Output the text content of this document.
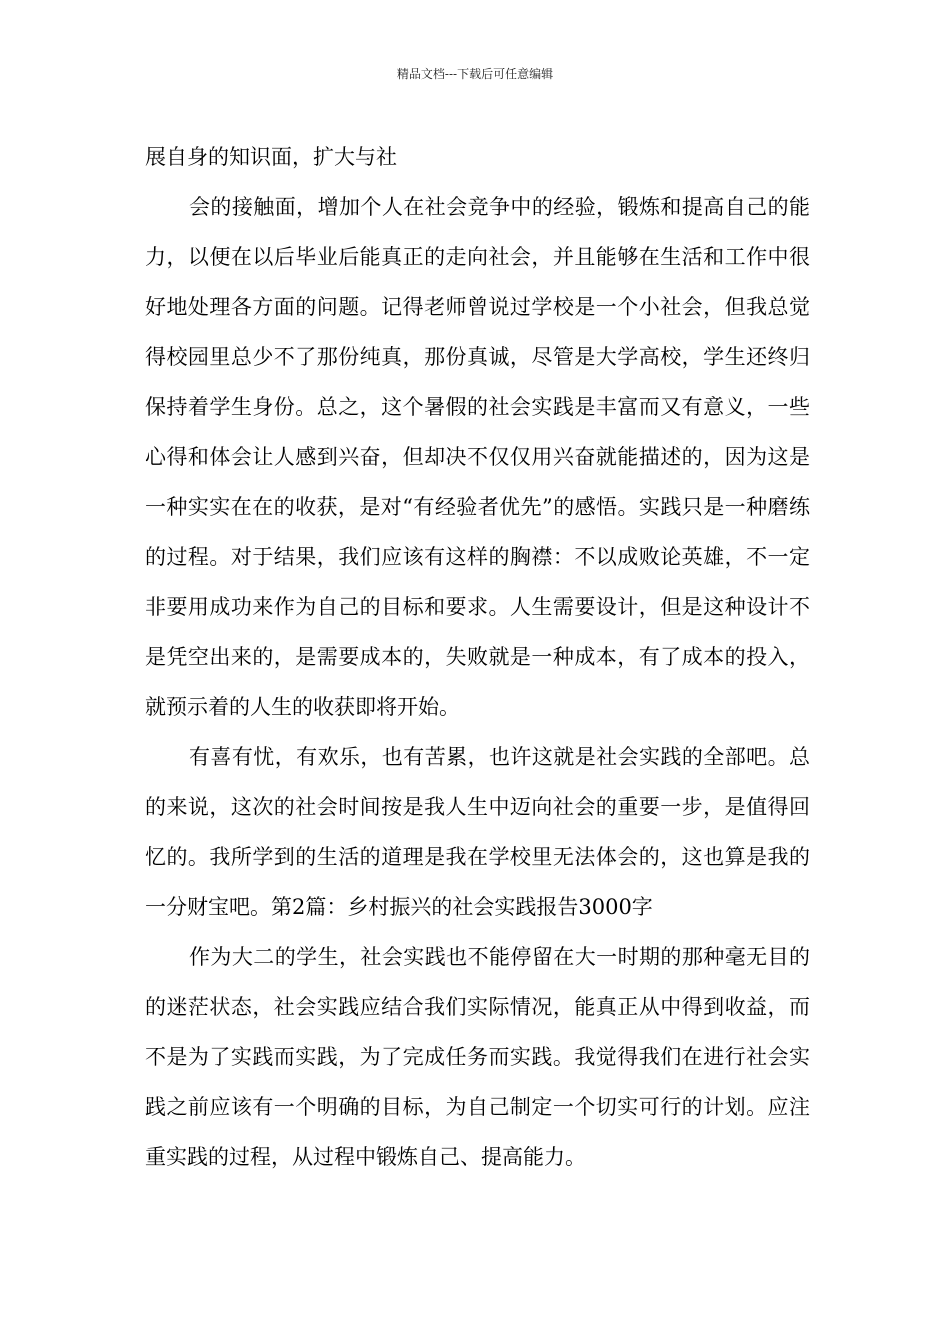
精品文档---下载后可任意编辑

展自身的知识面，扩大与社

会的接触面，增加个人在社会竞争中的经验，锻炼和提高自己的能力，以便在以后毕业后能真正的走向社会，并且能够在生活和工作中很好地处理各方面的问题。记得老师曾说过学校是一个小社会，但我总觉得校园里总少不了那份纯真，那份真诚，尽管是大学高校，学生还终归保持着学生身份。总之，这个暑假的社会实践是丰富而又有意义，一些心得和体会让人感到兴奋，但却决不仅仅用兴奋就能描述的，因为这是一种实实在在的收获，是对“有经验者优先”的感悟。实践只是一种磨练的过程。对于结果，我们应该有这样的胸襟：不以成败论英雄，不一定非要用成功来作为自己的目标和要求。人生需要设计，但是这种设计不是凭空出来的，是需要成本的，失败就是一种成本，有了成本的投入，就预示着的人生的收获即将开始。

有喜有忧，有欢乐，也有苦累，也许这就是社会实践的全部吧。总的来说，这次的社会时间按是我人生中迈向社会的重要一步，是值得回忆的。我所学到的生活的道理是我在学校里无法体会的，这也算是我的一分财宝吧。第2篇：乡村振兴的社会实践报告3000字

作为大二的学生，社会实践也不能停留在大一时期的那种毫无目的的迷茫状态，社会实践应结合我们实际情况，能真正从中得到收益，而不是为了实践而实践，为了完成任务而实践。我觉得我们在进行社会实践之前应该有一个明确的目标，为自己制定一个切实可行的计划。应注重实践的过程，从过程中锻炼自己、提高能力。
